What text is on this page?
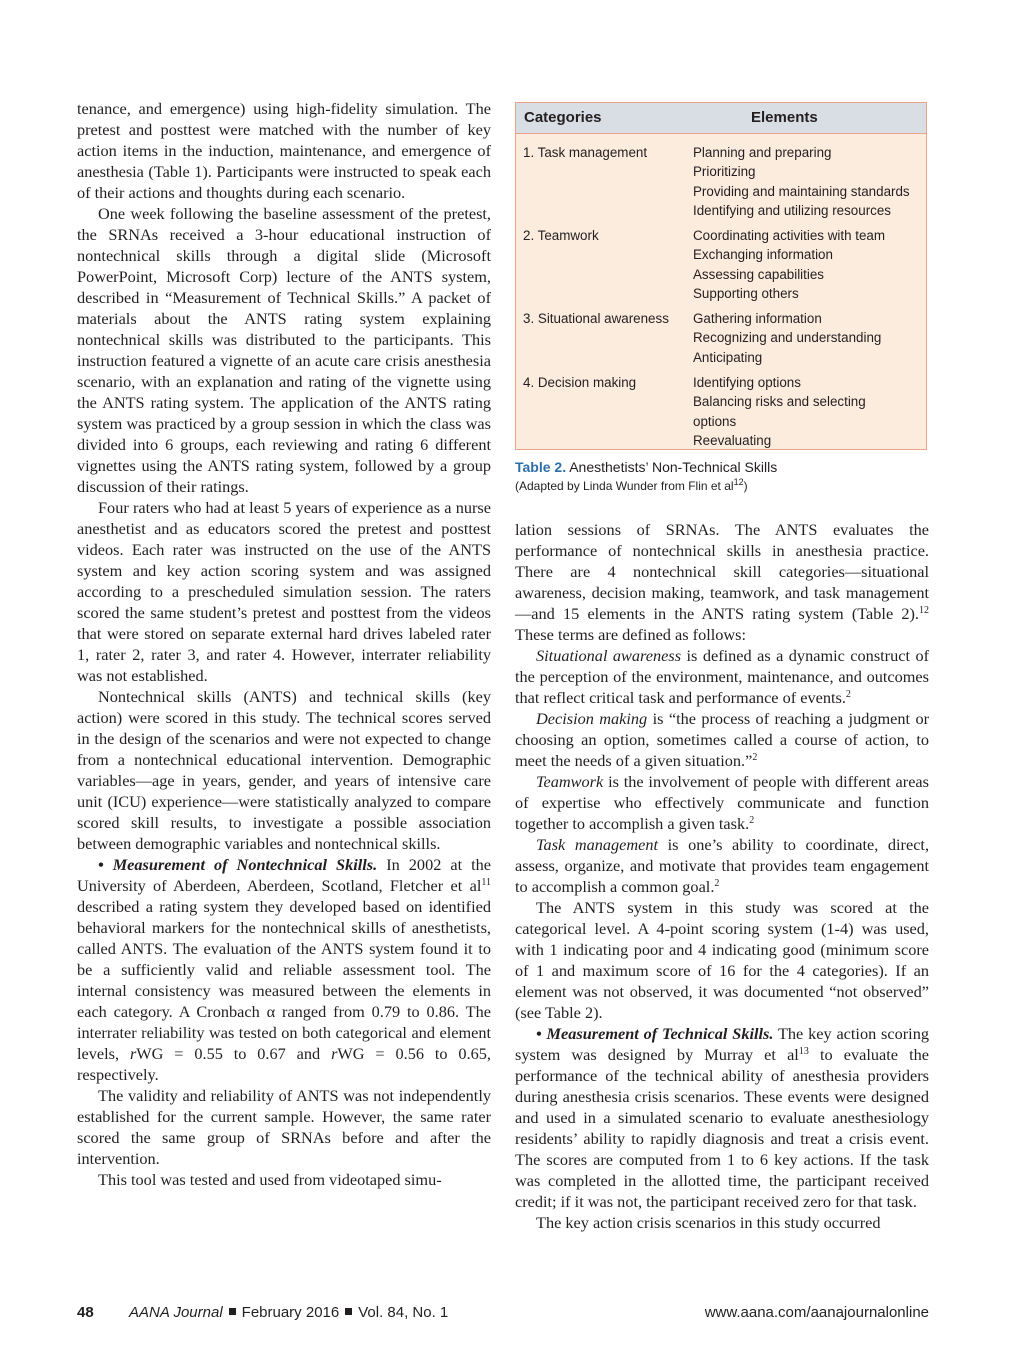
tenance, and emergence) using high-fidelity simulation. The pretest and posttest were matched with the number of key action items in the induction, maintenance, and emergence of anesthesia (Table 1). Participants were instructed to speak each of their actions and thoughts during each scenario.

One week following the baseline assessment of the pretest, the SRNAs received a 3-hour educational instruction of nontechnical skills through a digital slide (Microsoft PowerPoint, Microsoft Corp) lecture of the ANTS system, described in “Measurement of Technical Skills.” A packet of materials about the ANTS rating system explaining nontechnical skills was distributed to the participants. This instruction featured a vignette of an acute care crisis anesthesia scenario, with an explanation and rating of the vignette using the ANTS rating system. The application of the ANTS rating system was practiced by a group session in which the class was divided into 6 groups, each reviewing and rating 6 different vignettes using the ANTS rating system, followed by a group discussion of their ratings.

Four raters who had at least 5 years of experience as a nurse anesthetist and as educators scored the pretest and posttest videos. Each rater was instructed on the use of the ANTS system and key action scoring system and was assigned according to a prescheduled simulation session. The raters scored the same student’s pretest and posttest from the videos that were stored on separate external hard drives labeled rater 1, rater 2, rater 3, and rater 4. However, interrater reliability was not established.

Nontechnical skills (ANTS) and technical skills (key action) were scored in this study. The technical scores served in the design of the scenarios and were not expected to change from a nontechnical educational intervention. Demographic variables—age in years, gender, and years of intensive care unit (ICU) experience—were statistically analyzed to compare scored skill results, to investigate a possible association between demographic variables and nontechnical skills.

• Measurement of Nontechnical Skills. In 2002 at the University of Aberdeen, Aberdeen, Scotland, Fletcher et $al^{11}$ described a rating system they developed based on identified behavioral markers for the nontechnical skills of anesthetists, called ANTS. The evaluation of the ANTS system found it to be a sufficiently valid and reliable assessment tool. The internal consistency was measured between the elements in each category. A Cronbach α ranged from 0.79 to 0.86. The interrater reliability was tested on both categorical and element levels, rWG = 0.55 to 0.67 and rWG = 0.56 to 0.65, respectively.

The validity and reliability of ANTS was not independently established for the current sample. However, the same rater scored the same group of SRNAs before and after the intervention.

This tool was tested and used from videotaped simu-

Categories	Elements
1. Task management	Planning and preparing
Prioritizing
Providing and maintaining standards
Identifying and utilizing resources
2. Teamwork	Coordinating activities with team
Exchanging information
Assessing capabilities
Supporting others
3. Situational awareness	Gathering information
Recognizing and understanding
Anticipating
4. Decision making	Identifying options
Balancing risks and selecting
options
Reevaluating
Table 2. Anesthetists’ Non-Technical Skills
(Adapted by Linda Wunder from Flin et $al^{12}$)

lation sessions of SRNAs. The ANTS evaluates the performance of nontechnical skills in anesthesia practice. There are 4 nontechnical skill categories—situational awareness, decision making, teamwork, and task management—and 15 elements in the ANTS rating system (Table 2).$^{12}$ These terms are defined as follows:

Situational awareness is defined as a dynamic construct of the perception of the environment, maintenance, and outcomes that reflect critical task and performance of events.$^2$

Decision making is “the process of reaching a judgment or choosing an option, sometimes called a course of action, to meet the needs of a given situation.”$^2$

Teamwork is the involvement of people with different areas of expertise who effectively communicate and function together to accomplish a given task.$^2$

Task management is one’s ability to coordinate, direct, assess, organize, and motivate that provides team engagement to accomplish a common goal.$^2$

The ANTS system in this study was scored at the categorical level. A 4-point scoring system (1-4) was used, with 1 indicating poor and 4 indicating good (minimum score of 1 and maximum score of 16 for the 4 categories). If an element was not observed, it was documented “not observed” (see Table 2).

• Measurement of Technical Skills. The key action scoring system was designed by Murray et $al^{13}$ to evaluate the performance of the technical ability of anesthesia providers during anesthesia crisis scenarios. These events were designed and used in a simulated scenario to evaluate anesthesiology residents’ ability to rapidly diagnosis and treat a crisis event. The scores are computed from 1 to 6 key actions. If the task was completed in the allotted time, the participant received credit; if it was not, the participant received zero for that task.

The key action crisis scenarios in this study occurred

48 AANA Journal February 2016 Vol. 84, No. 1	www.aana.com/aanajournalonline
